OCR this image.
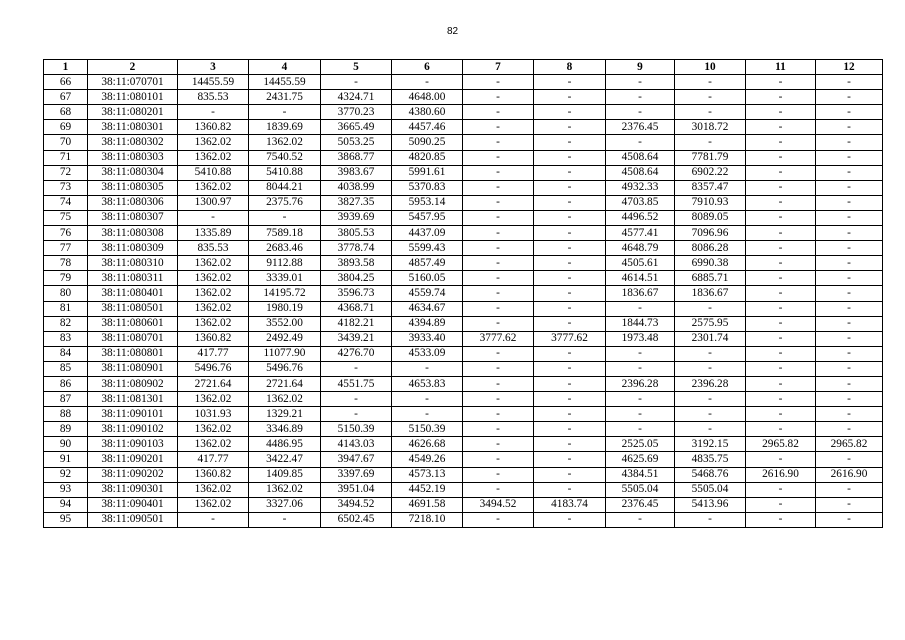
82
1	2	3	4	5	6	7	8	9	10	11	12
66	38:11:070701	14455.59	14455.59	-	-	-	-	-	-	-	-
67	38:11:080101	835.53	2431.75	4324.71	4648.00	-	-	-	-	-	-
68	38:11:080201	-	-	3770.23	4380.60	-	-	-	-	-	-
69	38:11:080301	1360.82	1839.69	3665.49	4457.46	-	-	2376.45	3018.72	-	-
70	38:11:080302	1362.02	1362.02	5053.25	5090.25	-	-	-	-	-	-
71	38:11:080303	1362.02	7540.52	3868.77	4820.85	-	-	4508.64	7781.79	-	-
72	38:11:080304	5410.88	5410.88	3983.67	5991.61	-	-	4508.64	6902.22	-	-
73	38:11:080305	1362.02	8044.21	4038.99	5370.83	-	-	4932.33	8357.47	-	-
74	38:11:080306	1300.97	2375.76	3827.35	5953.14	-	-	4703.85	7910.93	-	-
75	38:11:080307	-	-	3939.69	5457.95	-	-	4496.52	8089.05	-	-
76	38:11:080308	1335.89	7589.18	3805.53	4437.09	-	-	4577.41	7096.96	-	-
77	38:11:080309	835.53	2683.46	3778.74	5599.43	-	-	4648.79	8086.28	-	-
78	38:11:080310	1362.02	9112.88	3893.58	4857.49	-	-	4505.61	6990.38	-	-
79	38:11:080311	1362.02	3339.01	3804.25	5160.05	-	-	4614.51	6885.71	-	-
80	38:11:080401	1362.02	14195.72	3596.73	4559.74	-	-	1836.67	1836.67	-	-
81	38:11:080501	1362.02	1980.19	4368.71	4634.67	-	-	-	-	-	-
82	38:11:080601	1362.02	3552.00	4182.21	4394.89	-	-	1844.73	2575.95	-	-
83	38:11:080701	1360.82	2492.49	3439.21	3933.40	3777.62	3777.62	1973.48	2301.74	-	-
84	38:11:080801	417.77	11077.90	4276.70	4533.09	-	-	-	-	-	-
85	38:11:080901	5496.76	5496.76	-	-	-	-	-	-	-	-
86	38:11:080902	2721.64	2721.64	4551.75	4653.83	-	-	2396.28	2396.28	-	-
87	38:11:081301	1362.02	1362.02	-	-	-	-	-	-	-	-
88	38:11:090101	1031.93	1329.21	-	-	-	-	-	-	-	-
89	38:11:090102	1362.02	3346.89	5150.39	5150.39	-	-	-	-	-	-
90	38:11:090103	1362.02	4486.95	4143.03	4626.68	-	-	2525.05	3192.15	2965.82	2965.82
91	38:11:090201	417.77	3422.47	3947.67	4549.26	-	-	4625.69	4835.75	-	-
92	38:11:090202	1360.82	1409.85	3397.69	4573.13	-	-	4384.51	5468.76	2616.90	2616.90
93	38:11:090301	1362.02	1362.02	3951.04	4452.19	-	-	5505.04	5505.04	-	-
94	38:11:090401	1362.02	3327.06	3494.52	4691.58	3494.52	4183.74	2376.45	5413.96	-	-
95	38:11:090501	-	-	6502.45	7218.10	-	-	-	-	-	-
